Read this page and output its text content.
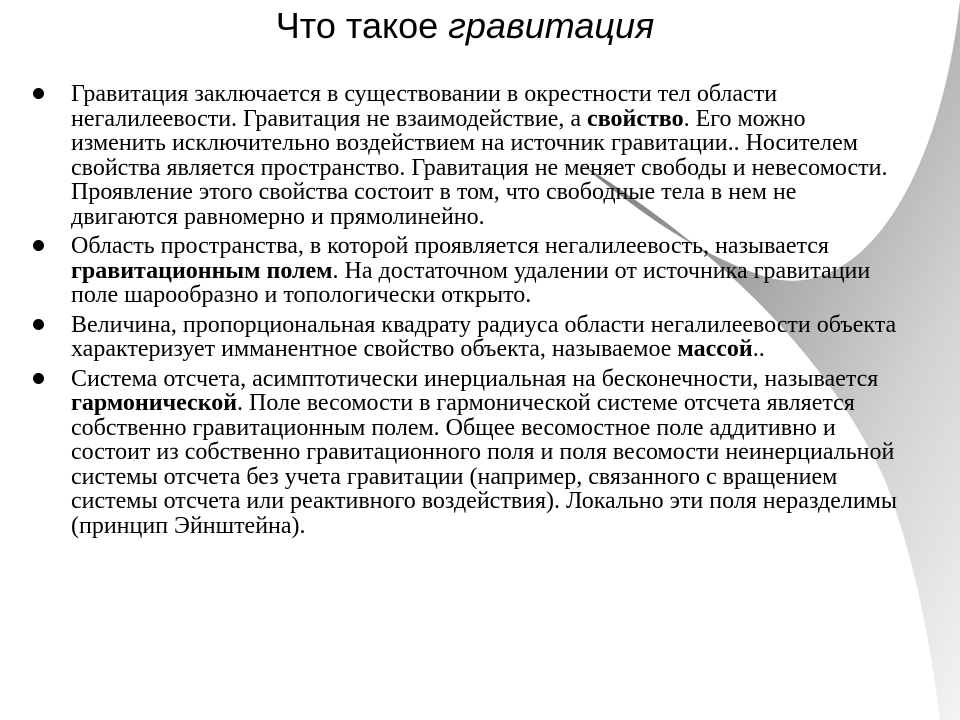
Что такое гравитация
Гравитация заключается в существовании в окрестности тел области негалилеевости. Гравитация не взаимодействие, а свойство. Его можно изменить исключительно воздействием на источник гравитации.. Носителем свойства является пространство. Гравитация не меняет свободы и невесомости. Проявление этого свойства состоит в том, что свободные тела в нем не двигаются равномерно и прямолинейно.
Область пространства, в которой проявляется негалилеевость, называется гравитационным полем. На достаточном удалении от источника гравитации поле шарообразно и топологически открыто.
Величина, пропорциональная квадрату радиуса области негалилеевости объекта характеризует имманентное свойство объекта, называемое массой..
Система отсчета, асимптотически инерциальная на бесконечности, называется гармонической. Поле весомости в гармонической системе отсчета является собственно гравитационным полем. Общее весомостное поле аддитивно и состоит из собственно гравитационного поля и поля весомости неинерциальной системы отсчета без учета гравитации (например, связанного с вращением системы отсчета или реактивного воздействия). Локально эти поля неразделимы (принцип Эйнштейна).
